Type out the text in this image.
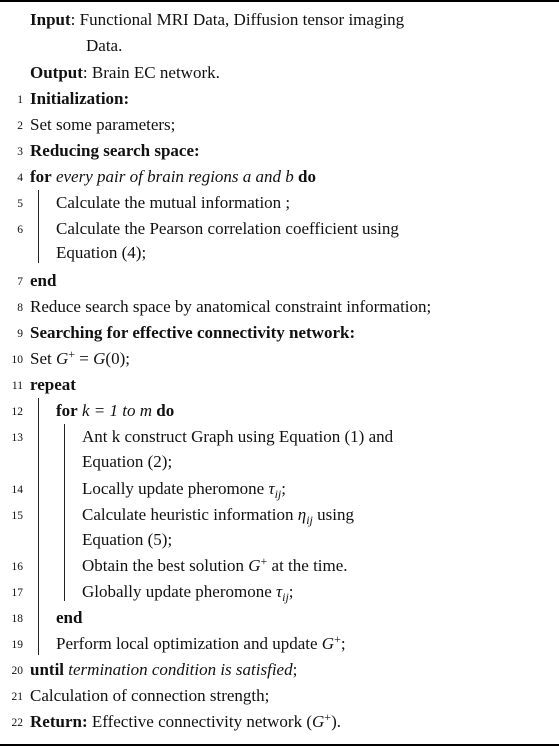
Input: Functional MRI Data, Diffusion tensor imaging
Data.
Output: Brain EC network.
1 Initialization:
2 Set some parameters;
3 Reducing search space:
4 for every pair of brain regions a and b do
5 Calculate the mutual information ;
6 Calculate the Pearson correlation coefficient using
Equation (4);
7 end
8 Reduce search space by anatomical constraint information;
9 Searching for effective connectivity network:
10 Set G+ = G(0);
11 repeat
12 for k = 1 to m do
13	Ant k construct Graph using Equation (1) and
Equation (2);
14	Locally update pheromone $\tau_{ij}$;
15	Calculate heuristic information $\eta_{ij}$ using
Equation (5);
16	Obtain the best solution G+ at the time.
17	Globally update pheromone $\tau_{ij}$;
18 end
19 Perform local optimization and update G+;
20 until termination condition is satisfied;
21 Calculation of connection strength;
22 Return: Effective connectivity network (G+).
